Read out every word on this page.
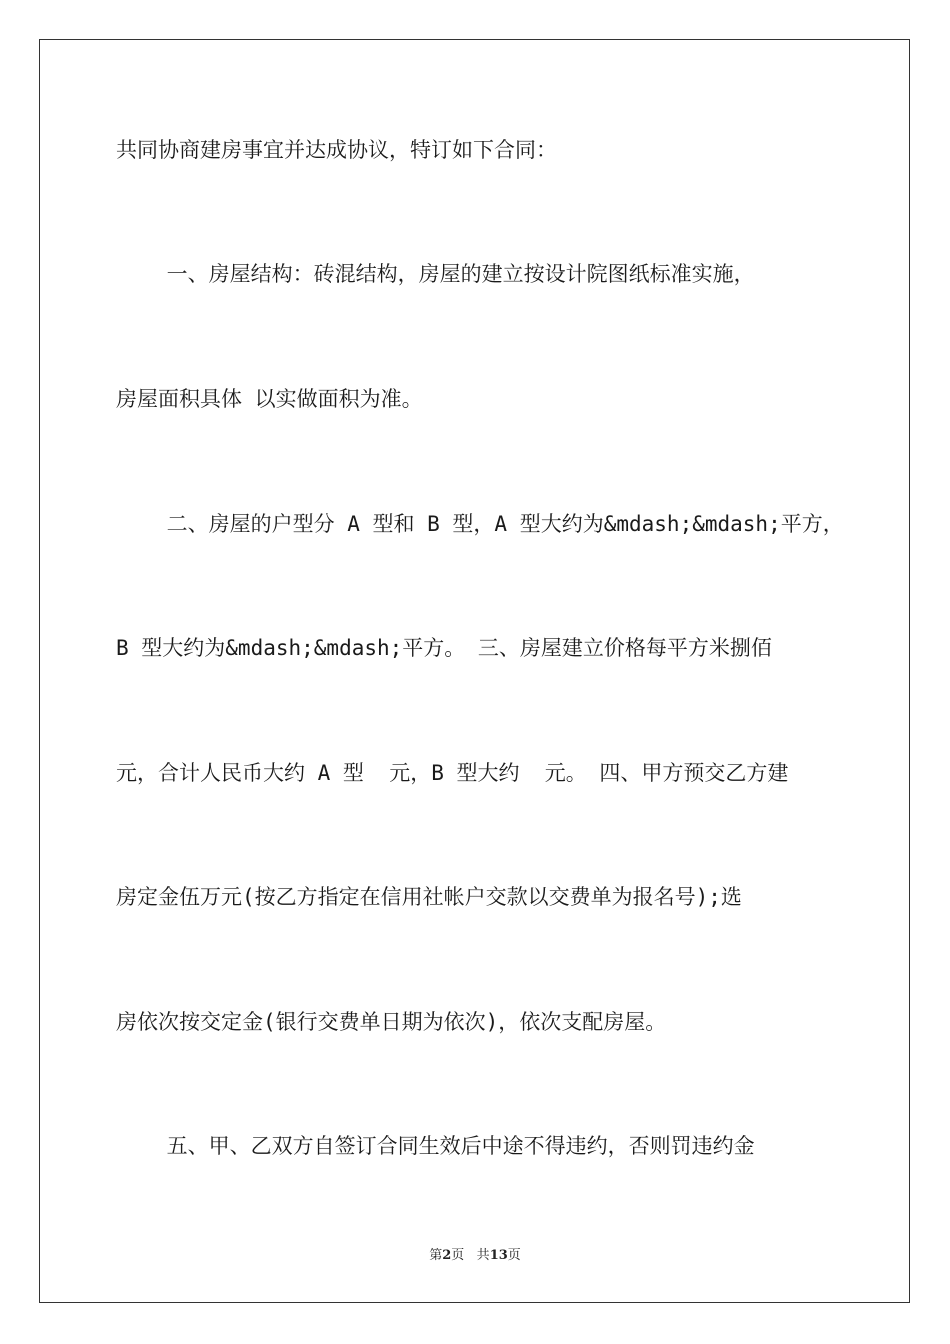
共同协商建房事宜并达成协议，特订如下合同：
一、房屋结构：砖混结构，房屋的建立按设计院图纸标准实施，
房屋面积具体 以实做面积为准。
二、房屋的户型分 A 型和 B 型，A 型大约为&mdash;&mdash;平方，
B 型大约为&mdash;&mdash;平方。 三、房屋建立价格每平方米捌佰
元，合计人民币大约 A 型  元，B 型大约  元。 四、甲方预交乙方建
房定金伍万元(按乙方指定在信用社帐户交款以交费单为报名号);选
房依次按交定金(银行交费单日期为依次)，依次支配房屋。
五、甲、乙双方自签订合同生效后中途不得违约，否则罚违约金
第2页 共13页
